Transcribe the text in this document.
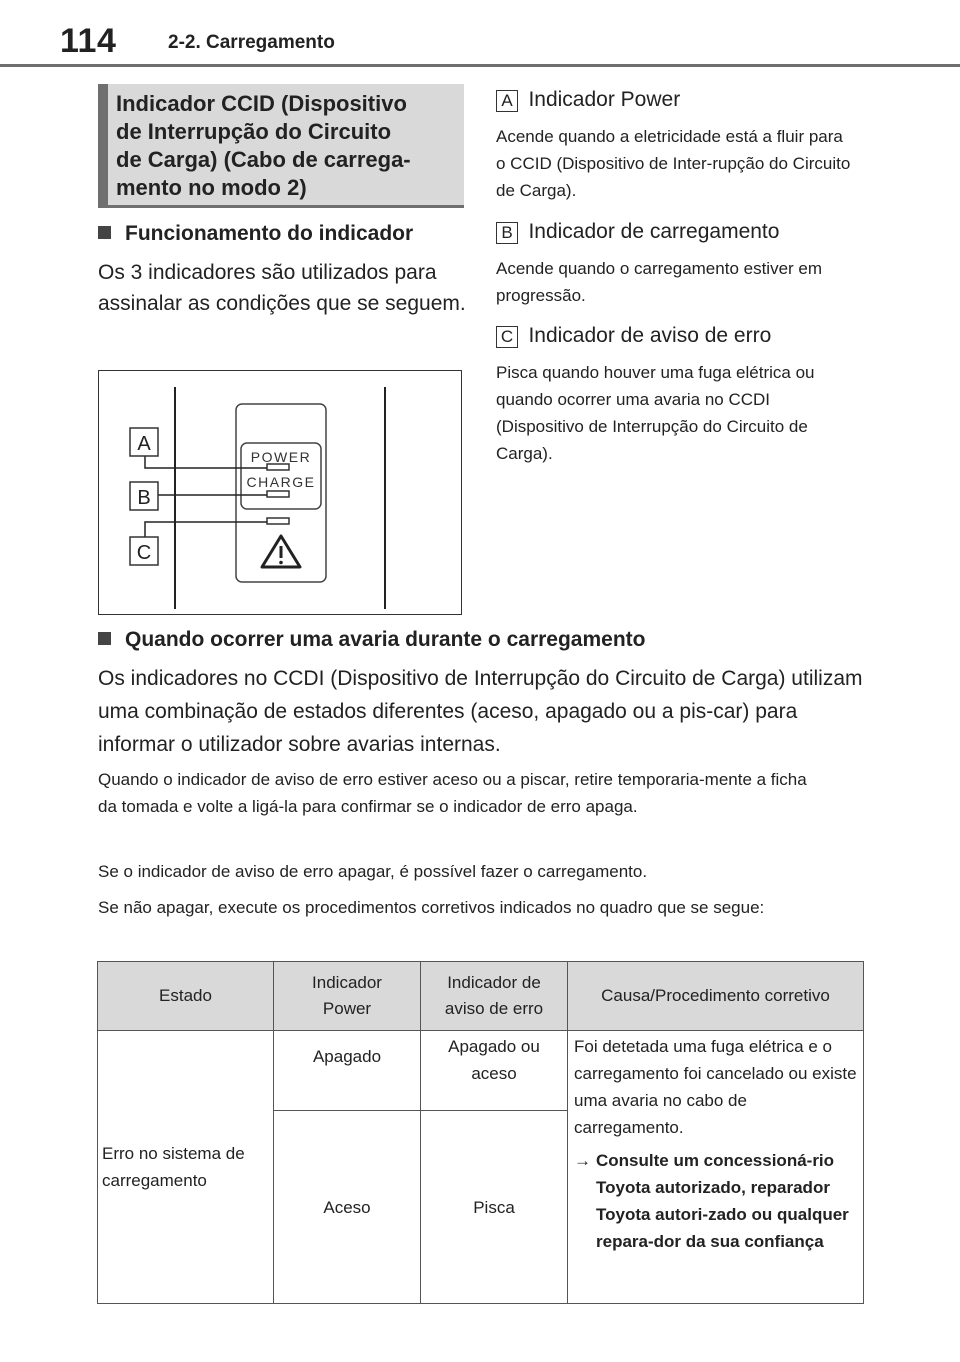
114	2-2. Carregamento
Indicador CCID (Dispositivo
de Interrupção do Circuito
de Carga) (Cabo de carrega-
mento no modo 2)
Funcionamento do indicador
Os 3 indicadores são utilizados para assinalar as condições que se seguem.
A
B
C
POWER
CHARGE
A Indicador Power
Acende quando a eletricidade está a fluir para o CCID (Dispositivo de Inter-rupção do Circuito de Carga).
B Indicador de carregamento
Acende quando o carregamento estiver em progressão.
C Indicador de aviso de erro
Pisca quando houver uma fuga elétrica ou quando ocorrer uma avaria no CCDI (Dispositivo de Interrupção do Circuito de Carga).
Quando ocorrer uma avaria durante o carregamento
Os indicadores no CCDI (Dispositivo de Interrupção do Circuito de Carga) utilizam uma combinação de estados diferentes (aceso, apagado ou a pis-car) para informar o utilizador sobre avarias internas.
Quando o indicador de aviso de erro estiver aceso ou a piscar, retire temporaria-mente a ficha da tomada e volte a ligá-la para confirmar se o indicador de erro apaga.
Se o indicador de aviso de erro apagar, é possível fazer o carregamento.
Se não apagar, execute os procedimentos corretivos indicados no quadro que se segue:
Estado	Indicador Power	Indicador de aviso de erro	Causa/Procedimento corretivo

Erro no sistema de carregamento	Apagado	Apagado ou aceso	Foi detetada uma fuga elétrica e o carregamento foi cancelado ou existe uma avaria no cabo de carregamento.
→ Consulte um concessioná-rio Toyota autorizado, reparador Toyota autori-zado ou qualquer repara-dor da sua confiança

	Aceso	Pisca	
